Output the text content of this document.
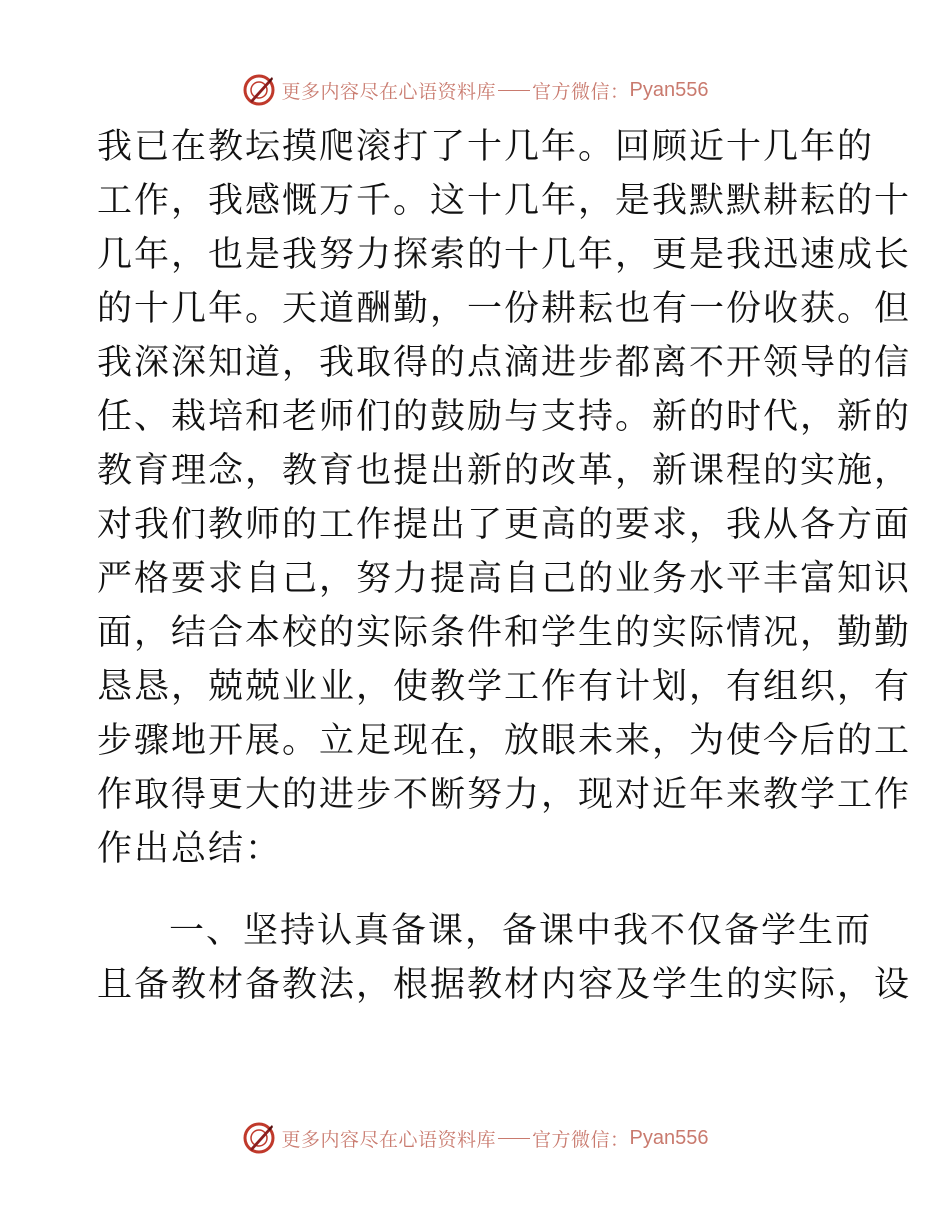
更多内容尽在心语资料库 官方微信： Pyan556

我已在教坛摸爬滚打了十几年。回顾近十几年的
工作，我感慨万千。这十几年，是我默默耕耘的十
几年，也是我努力探索的十几年，更是我迅速成长
的十几年。天道酬勤，一份耕耘也有一份收获。但
我深深知道，我取得的点滴进步都离不开领导的信
任、栽培和老师们的鼓励与支持。新的时代，新的
教育理念，教育也提出新的改革，新课程的实施，
对我们教师的工作提出了更高的要求，我从各方面
严格要求自己，努力提高自己的业务水平丰富知识
面，结合本校的实际条件和学生的实际情况，勤勤
恳恳，兢兢业业，使教学工作有计划，有组织，有
步骤地开展。立足现在，放眼未来，为使今后的工
作取得更大的进步不断努力，现对近年来教学工作
作出总结：

一、坚持认真备课，备课中我不仅备学生而
且备教材备教法，根据教材内容及学生的实际，设

更多内容尽在心语资料库 官方微信： Pyan556
